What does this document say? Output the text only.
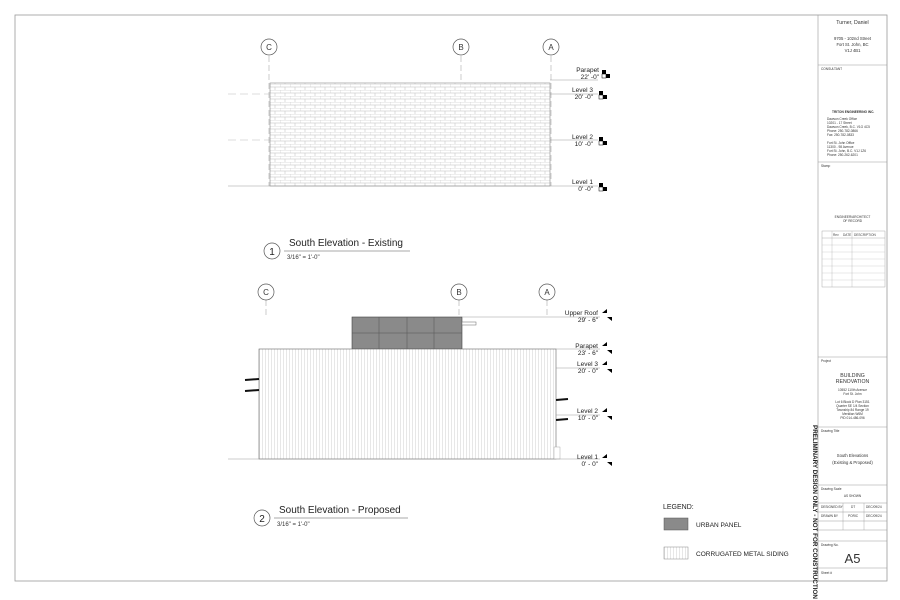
C	B	A
Parapet
22' -0"
Level 3
20' -0"
Level 2
10' -0"
Level 1
0' -0"
1
South Elevation - Existing
3/16" = 1'-0"
C	B	A
Upper Roof
29' - 6"
Parapet
23' - 6"
Level 3
20' - 0"
Level 2
10' - 0"
Level 1
0' - 0"
2
South Elevation - Proposed
3/16" = 1'-0"
LEGEND:
URBAN PANEL
CORRUGATED METAL SIDING
Rev DATE DESCRIPTION
PRELIMINARY DESIGN ONLY - NOT FOR CONSTRUCTION
Turner, Daniel
9705 - 102nd Street
Fort St. John, BC
V1J 4B1
CONSULTANT
TRITON ENGINEERING INC.
Dawson Creek Office
10201 - 17 Street
Dawson Creek, B.C. V1G 4C5
Phone: 250-782-0866
Fax: 250-782-0833
Fort St. John Office
11300 - 98 Avenue
Fort St. John, B.C. V1J 1Z6
Phone: 250-262-6201
Stamp
ENGINEER/ARCHITECT
OF RECORD
Project
BUILDING
RENOVATION
10552 110th Avenue
Fort St. John
Lot 6 Block D Plan 3151
Quarter SE 1/4 Section
Township 84 Range 19
Meridian W6M
PID 014-486-096
Drawing Title
South Elevations
(Existing & Proposed)
Drawing Scale
AS SHOWN
DESIGNED BY	DT	DEC/09/24
DRAWN BY	PORIC DEC/09/24
Drawing No.
A5
Sheet #
